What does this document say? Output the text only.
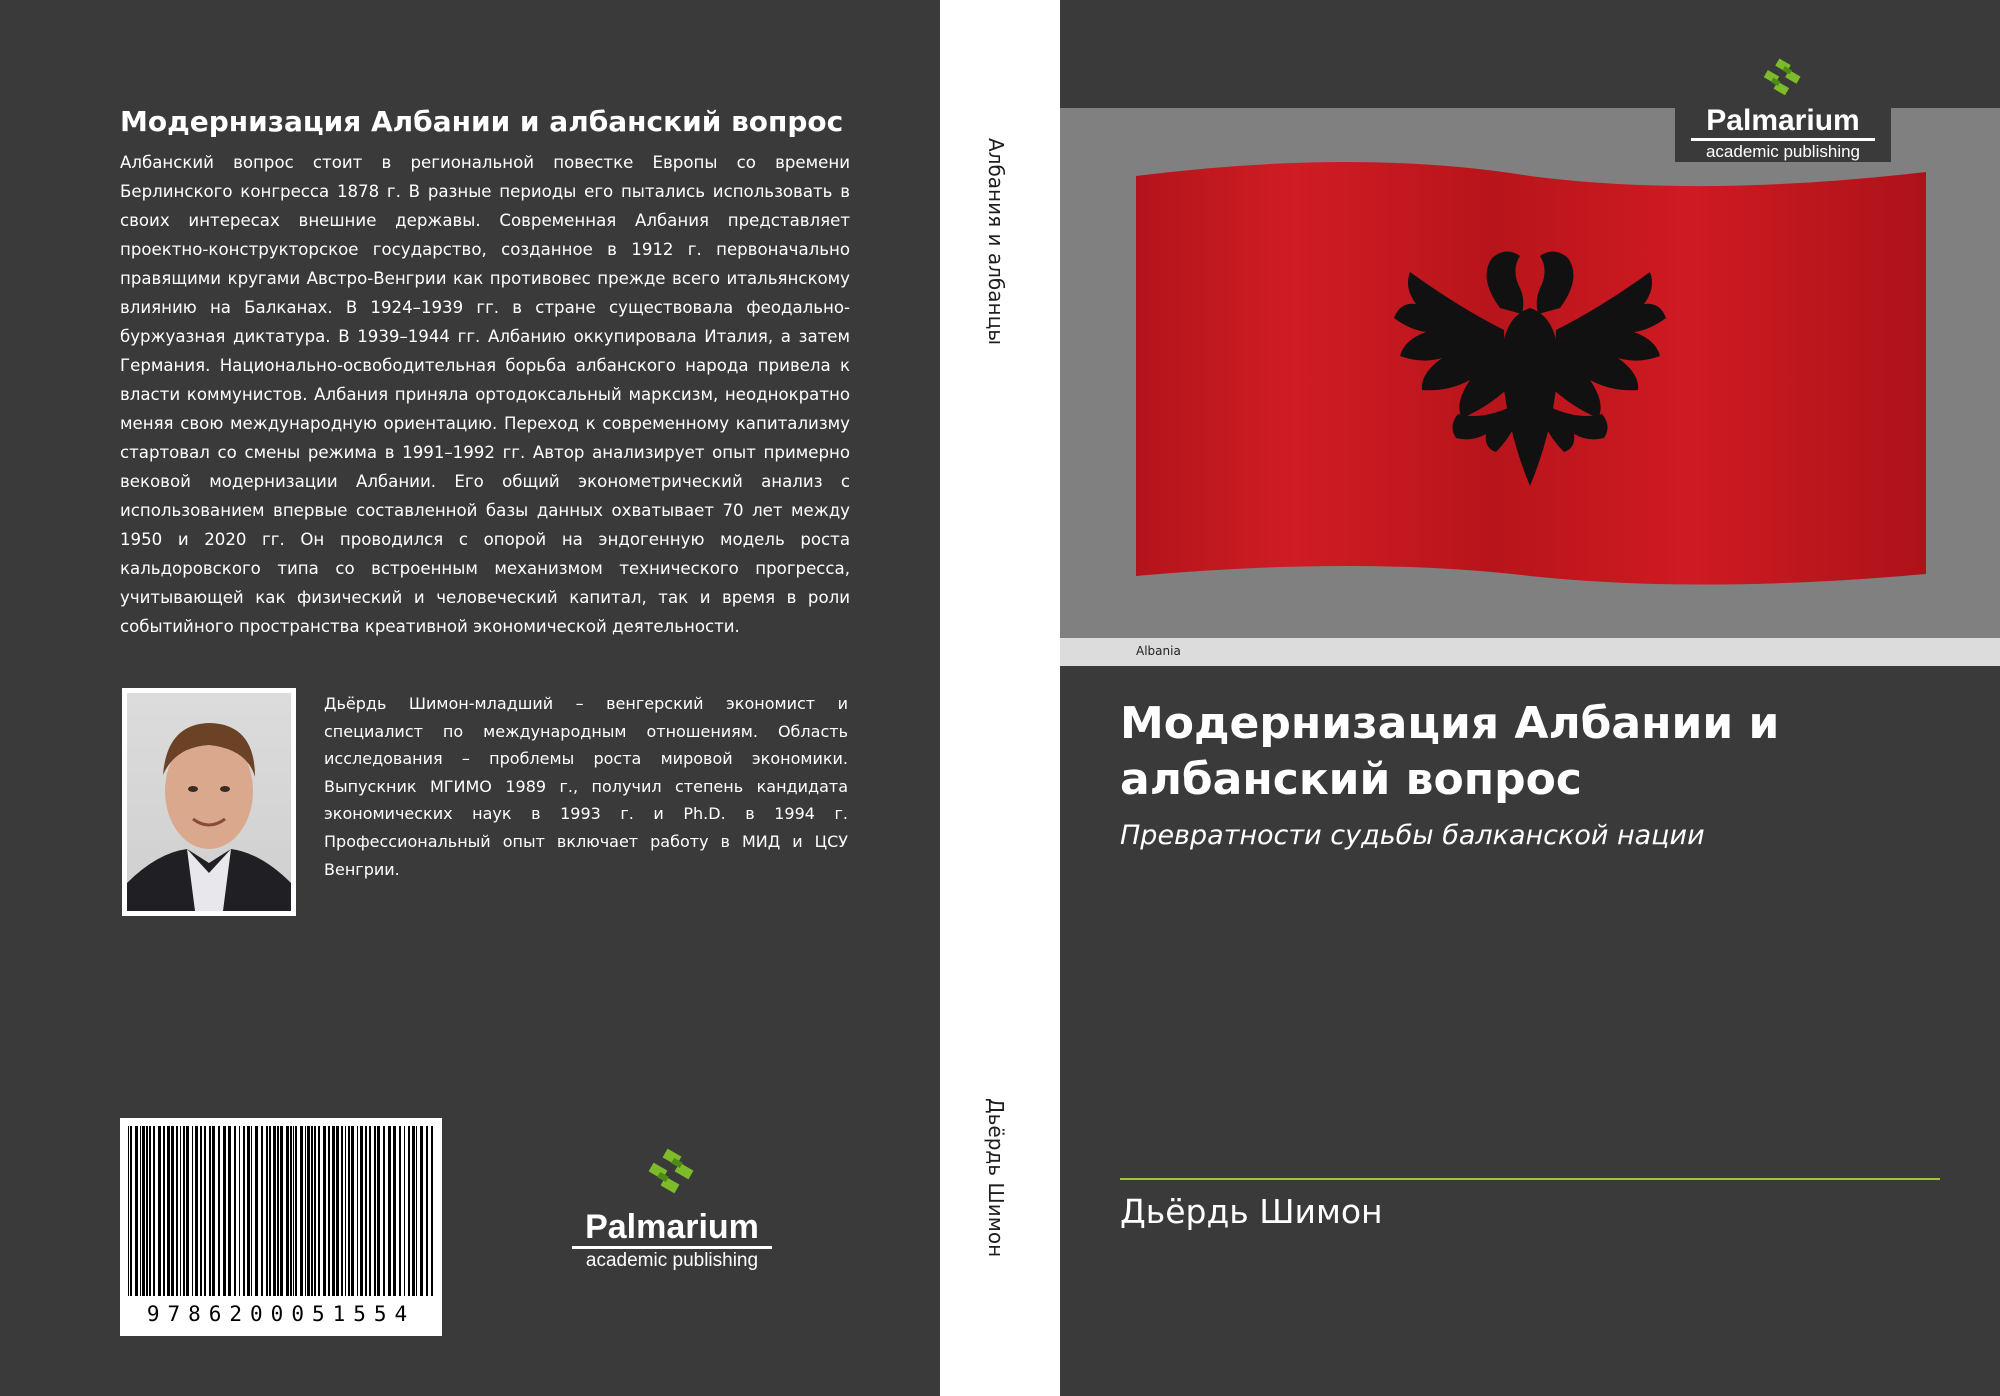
Модернизация Албании и албанский вопрос

Албанский вопрос стоит в региональной повестке Европы со времени Берлинского конгресса 1878 г. В разные периоды его пытались использовать в своих интересах внешние державы. Современная Албания представляет проектно-конструкторское государство, созданное в 1912 г. первоначально правящими кругами Австро-Венгрии как противовес прежде всего итальянскому влиянию на Балканах. В 1924–1939 гг. в стране существовала феодально-буржуазная диктатура. В 1939–1944 гг. Албанию оккупировала Италия, а затем Германия. Национально-освободительная борьба албанского народа привела к власти коммунистов. Албания приняла ортодоксальный марксизм, неоднократно меняя свою международную ориентацию. Переход к современному капитализму стартовал со смены режима в 1991–1992 гг. Автор анализирует опыт примерно вековой модернизации Албании. Его общий эконометрический анализ с использованием впервые составленной базы данных охватывает 70 лет между 1950 и 2020 гг. Он проводился с опорой на эндогенную модель роста кальдоровского типа со встроенным механизмом технического прогресса, учитывающей как физический и человеческий капитал, так и время в роли событийного пространства креативной экономической деятельности.

Дьёрдь Шимон-младший – венгерский экономист и специалист по международным отношениям. Область исследования – проблемы роста мировой экономики. Выпускник МГИМО 1989 г., получил степень кандидата экономических наук в 1993 г. и Ph.D. в 1994 г. Профессиональный опыт включает работу в МИД и ЦСУ Венгрии.

9786200051554
Palmarium
academic publishing
Албания и албанцы
Дьёрдь Шимон
Albania
Palmarium
academic publishing
Модернизация Албании и албанский вопрос
Превратности судьбы балканской нации
Дьёрдь Шимон
